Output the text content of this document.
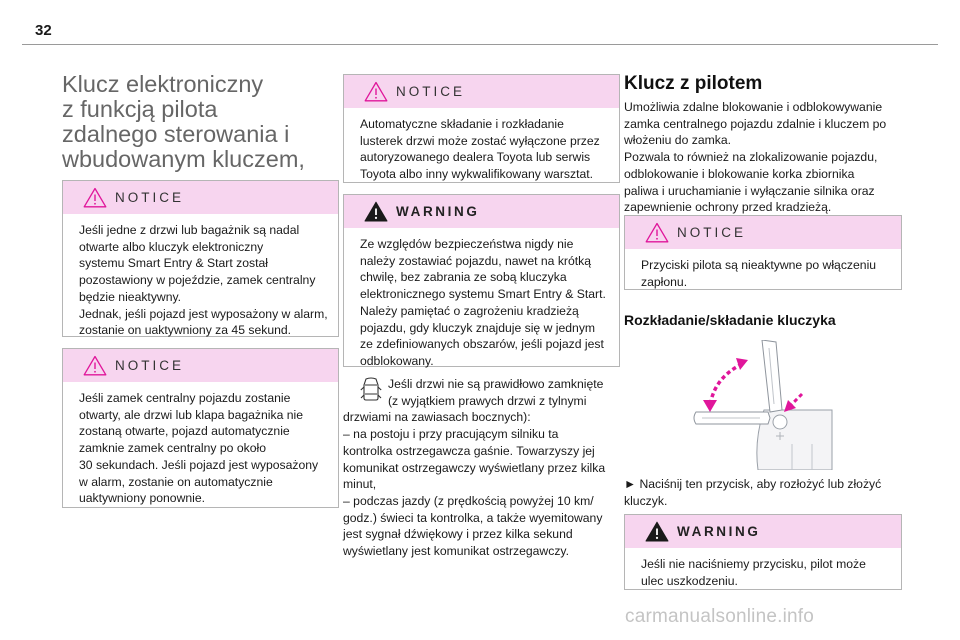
32
Klucz elektroniczny
z funkcją pilota
zdalnego sterowania i
wbudowanym kluczem,
NOTICE
Jeśli jedne z drzwi lub bagażnik są nadal
otwarte albo kluczyk elektroniczny
systemu Smart Entry & Start został
pozostawiony w pojeździe, zamek centralny
będzie nieaktywny.
Jednak, jeśli pojazd jest wyposażony w alarm,
zostanie on uaktywniony za 45 sekund.
NOTICE
Jeśli zamek centralny pojazdu zostanie
otwarty, ale drzwi lub klapa bagażnika nie
zostaną otwarte, pojazd automatycznie
zamknie zamek centralny po około
30 sekundach. Jeśli pojazd jest wyposażony
w alarm, zostanie on automatycznie
uaktywniony ponownie.
NOTICE
Automatyczne składanie i rozkładanie
lusterek drzwi może zostać wyłączone przez
autoryzowanego dealera Toyota lub serwis
Toyota albo inny wykwalifikowany warsztat.
WARNING
Ze względów bezpieczeństwa nigdy nie
należy zostawiać pojazdu, nawet na krótką
chwilę, bez zabrania ze sobą kluczyka
elektronicznego systemu Smart Entry & Start.
Należy pamiętać o zagrożeniu kradzieżą
pojazdu, gdy kluczyk znajduje się w jednym
ze zdefiniowanych obszarów, jeśli pojazd jest
odblokowany.
Jeśli drzwi nie są prawidłowo zamknięte
(z wyjątkiem prawych drzwi z tylnymi
drzwiami na zawiasach bocznych):
– na postoju i przy pracującym silniku ta
kontrolka ostrzegawcza gaśnie. Towarzyszy jej
komunikat ostrzegawczy wyświetlany przez kilka
minut,
– podczas jazdy (z prędkością powyżej 10 km/
godz.) świeci ta kontrolka, a także wyemitowany
jest sygnał dźwiękowy i przez kilka sekund
wyświetlany jest komunikat ostrzegawczy.
Klucz z pilotem
Umożliwia zdalne blokowanie i odblokowywanie
zamka centralnego pojazdu zdalnie i kluczem po
włożeniu do zamka.
Pozwala to również na zlokalizowanie pojazdu,
odblokowanie i blokowanie korka zbiornika
paliwa i uruchamianie i wyłączanie silnika oraz
zapewnienie ochrony przed kradzieżą.
NOTICE
Przyciski pilota są nieaktywne po włączeniu
zapłonu.
Rozkładanie/składanie kluczyka
► Naciśnij ten przycisk, aby rozłożyć lub złożyć
kluczyk.
WARNING
Jeśli nie naciśniemy przycisku, pilot może
ulec uszkodzeniu.
carmanualsonline.info
